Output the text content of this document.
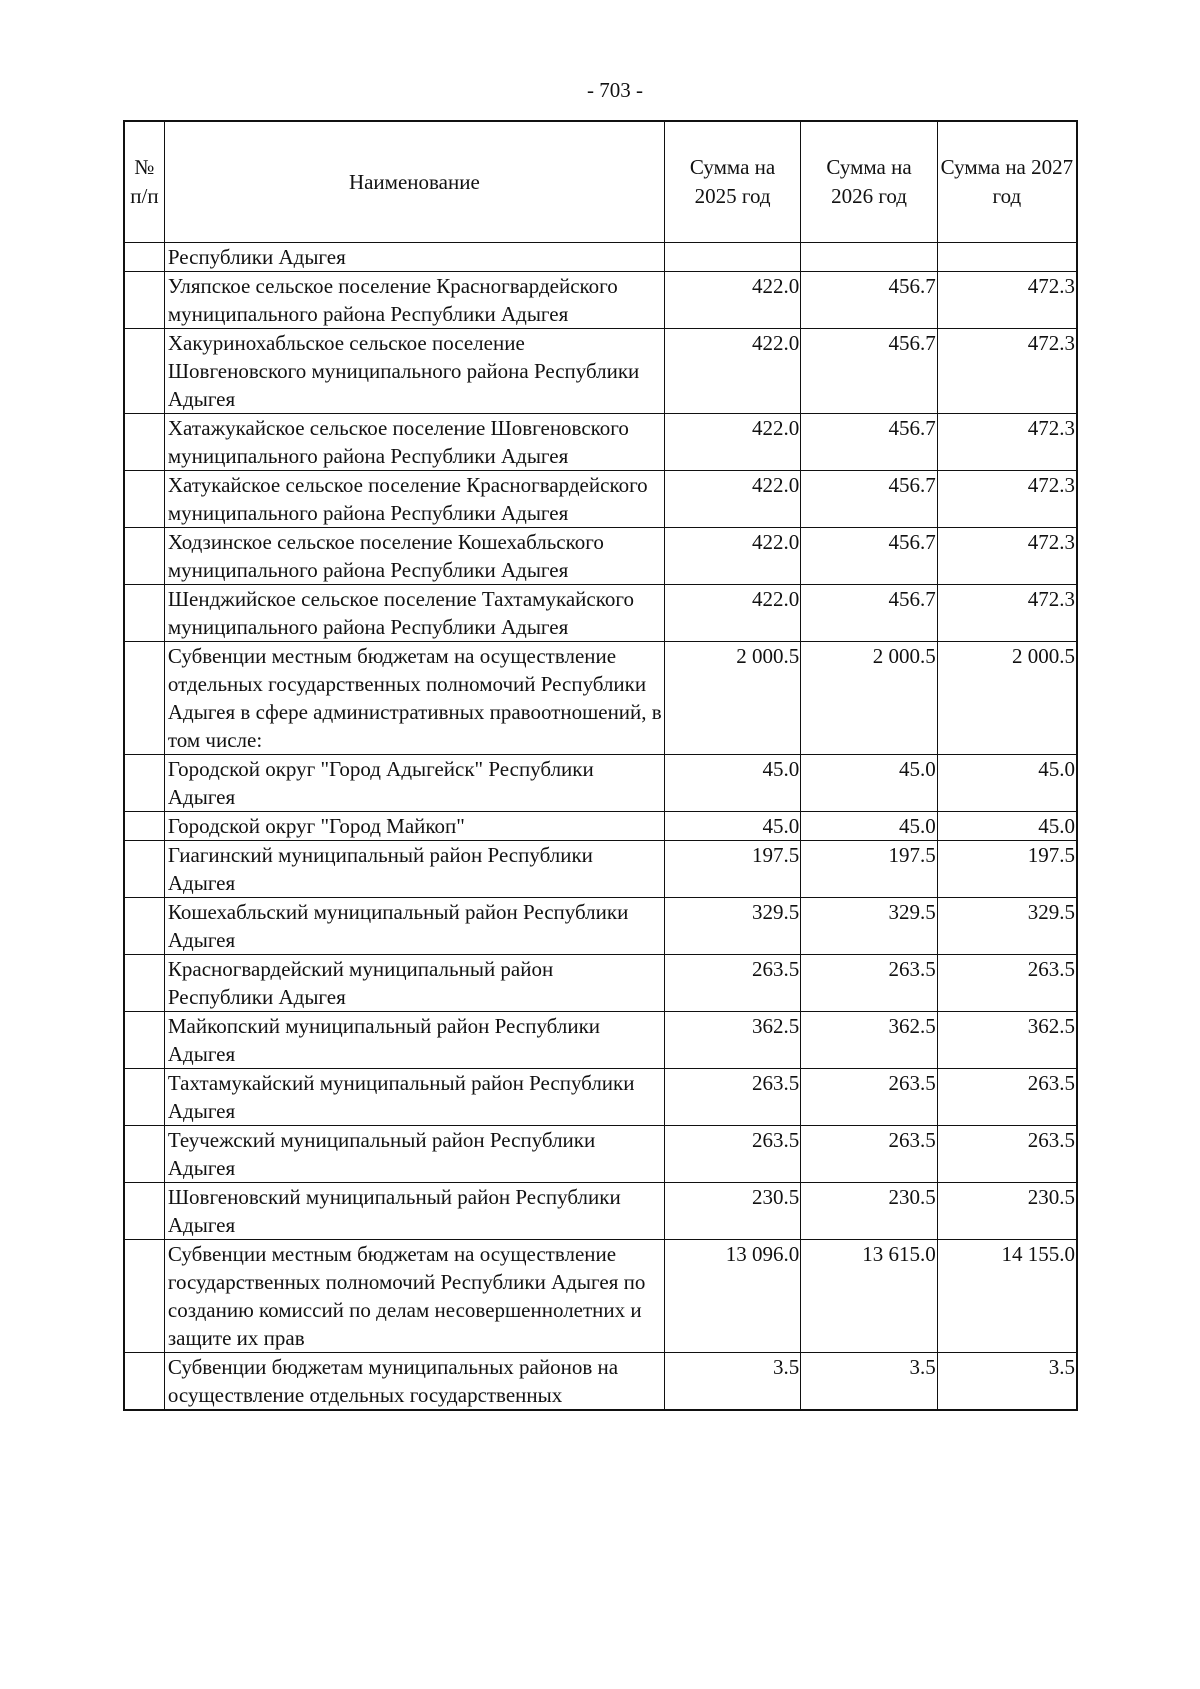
- 703 -
№ п/п	Наименование	Сумма на 2025 год	Сумма на 2026 год	Сумма на 2027 год
	Республики Адыгея			
	Уляпское сельское поселение Красногвардейского муниципального района Республики Адыгея	422.0	456.7	472.3
	Хакуринохабльское сельское поселение Шовгеновского муниципального района Республики Адыгея	422.0	456.7	472.3
	Хатажукайское сельское поселение Шовгеновского муниципального района Республики Адыгея	422.0	456.7	472.3
	Хатукайское сельское поселение Красногвардейского муниципального района Республики Адыгея	422.0	456.7	472.3
	Ходзинское сельское поселение Кошехабльского муниципального района Республики Адыгея	422.0	456.7	472.3
	Шенджийское сельское поселение Тахтамукайского муниципального района Республики Адыгея	422.0	456.7	472.3
	Субвенции местным бюджетам на осуществление отдельных государственных полномочий Республики Адыгея в сфере административных правоотношений, в том числе:	2 000.5	2 000.5	2 000.5
	Городской округ "Город Адыгейск" Республики Адыгея	45.0	45.0	45.0
	Городской округ "Город Майкоп"	45.0	45.0	45.0
	Гиагинский муниципальный район Республики Адыгея	197.5	197.5	197.5
	Кошехабльский муниципальный район Республики Адыгея	329.5	329.5	329.5
	Красногвардейский муниципальный район Республики Адыгея	263.5	263.5	263.5
	Майкопский муниципальный район Республики Адыгея	362.5	362.5	362.5
	Тахтамукайский муниципальный район Республики Адыгея	263.5	263.5	263.5
	Теучежский муниципальный район Республики Адыгея	263.5	263.5	263.5
	Шовгеновский муниципальный район Республики Адыгея	230.5	230.5	230.5
	Субвенции местным бюджетам на осуществление государственных полномочий Республики Адыгея по созданию комиссий по делам несовершеннолетних и защите их прав	13 096.0	13 615.0	14 155.0
	Субвенции бюджетам муниципальных районов на осуществление отдельных государственных	3.5	3.5	3.5
